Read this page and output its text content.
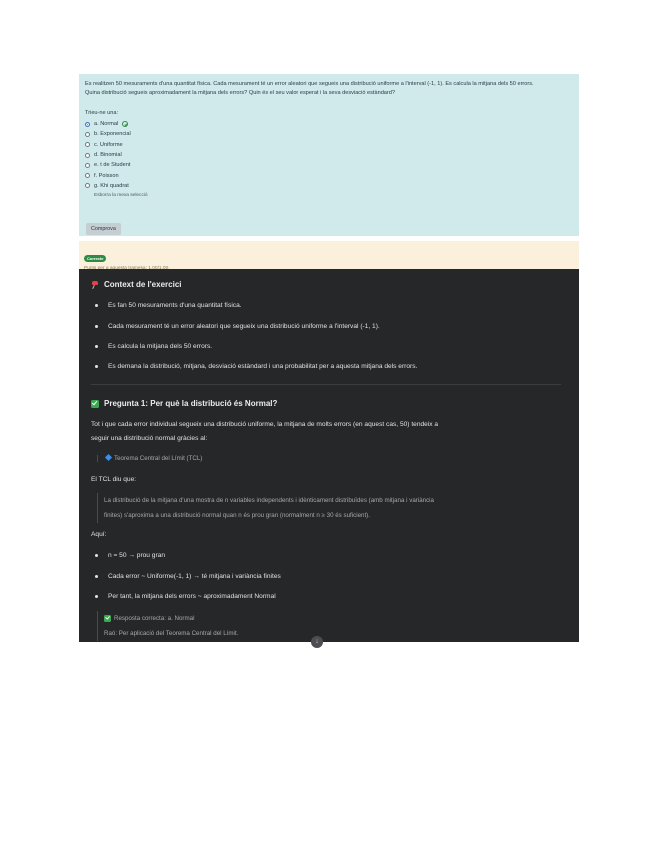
Es realitzen 50 mesuraments d'una quantitat física. Cada mesurament té un error aleatori que segueix una distribució uniforme a l'interval (-1, 1). Es calcula la mitjana dels 50 errors.

Quina distribució segueix aproximadament la mitjana dels errors? Quin és el seu valor esperat i la seva desviació estàndard?

Trieu-ne una:
a.
Normal
b.
Exponencial
c.
Uniforme
d.
Binomial
e.
t de Student
f.
Poisson
g.
Khi quadrat
Esborra la meva selecció
Comprova
Correcte
Context de l'exercici
Es fan 50 mesuraments d'una quantitat física.
Cada mesurament té un error aleatori que segueix una distribució uniforme a l'interval (-1, 1).
Es calcula la mitjana dels 50 errors.
Es demana la distribució, mitjana, desviació estàndard i una probabilitat per a aquesta mitjana dels errors.
Pregunta 1: Per què la distribució és Normal?
Tot i que cada error individual segueix una distribució uniforme, la mitjana de molts errors (en aquest cas, 50) tendeix a
seguir una distribució normal gràcies al:
Teorema Central del Límit (TCL)
El TCL diu que:
La distribució de la mitjana d'una mostra de n variables independents i idènticament distribuïdes (amb mitjana i variància
finites) s'aproxima a una distribució normal quan n és prou gran (normalment n ≥ 30 és suficient).
Aquí:
n = 50 → prou gran
Cada error ~ Uniforme(-1, 1) → té mitjana i variància finites
Per tant, la mitjana dels errors ~ aproximadament Normal
Resposta correcta: a. Normal
Raó: Per aplicació del Teorema Central del Límit.
↓
